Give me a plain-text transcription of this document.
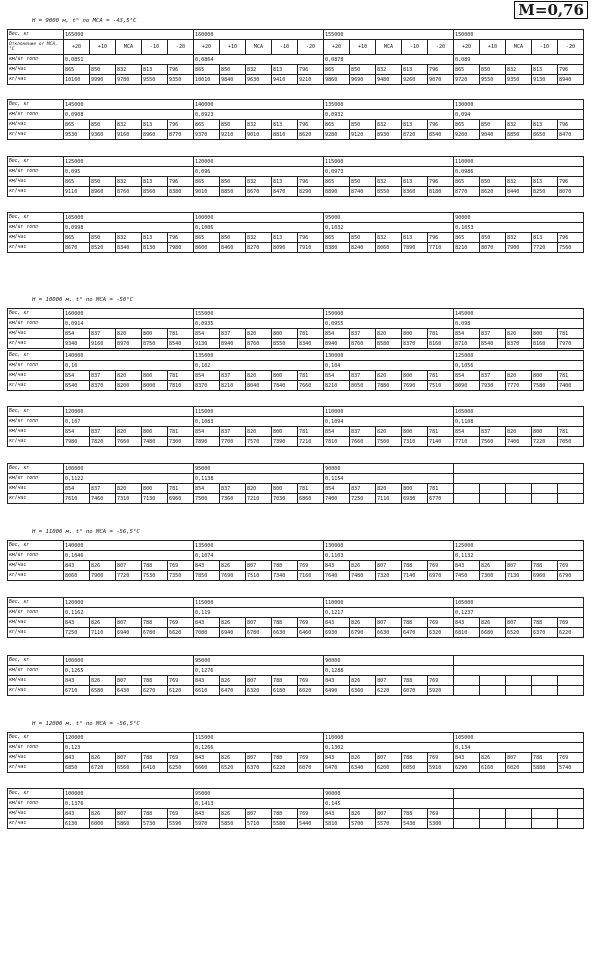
M=0,76
H = 9000 м, t° по МСА = -43,5°C
Вес, кг	165000					160000					155000					150000				
Отклонение от МСА, °С	+20	+10	МСА	-10	-20	+20	+10	МСА	-10	-20	+20	+10	МСА	-10	-20	+20	+10	МСА	-10	-20
км/кг топл	0,0851					0,0864					0,0878					0,089				
км/час	865	850	832	813	796	865	850	832	813	796	865	850	832	813	796	865	850	832	813	796
кг/час	10160	9990	9780	9550	9350	10010	9840	9630	9410	9210	9860	9690	9480	9260	9070	9720	9550	9350	9130	8940
Вес, кг	145000					140000					135000					130000				
км/кг топл	0,0908					0,0923					0,0932					0,094				
км/час	865	850	832	813	796	865	850	832	813	796	865	850	832	813	796	865	850	832	813	796
кг/час	9530	9360	9160	8960	8770	9370	9210	9010	8810	8620	9280	9120	8930	8720	8540	9200	9040	8850	8650	8470
Вес, кг	125000					120000					115000					110000				
км/кг топл	0,095					0,096					0,0973					0,0986				
км/час	865	850	832	813	796	865	850	832	813	796	865	850	832	813	796	865	850	832	813	796
кг/час	9110	8960	8760	8560	8380	9010	8850	8670	8470	8290	8890	8740	8550	8360	8180	8770	8620	8440	8250	8070
Вес, кг	105000					100000					95000					90000				
км/кг топл	0,0998					0,1006					0,1032					0,1053				
км/час	865	850	832	813	796	865	850	832	813	796	865	850	832	813	796	865	850	832	813	796
кг/час	8670	8520	8340	8130	7980	8600	8460	8270	8090	7910	8380	8240	8060	7890	7710	8210	8070	7900	7720	7560
H = 10000 м, t° по МСА = -50°C
Вес, кг	160000					155000					150000					145000				
км/кг топл	0,0914					0,0935					0,0955					0,098				
км/час	854	837	820	800	781	854	837	820	800	781	854	837	820	800	781	854	837	820	800	781
кг/час	9340	9160	8970	8750	8540	9130	8940	8760	8550	8340	8940	8760	8580	8370	8160	8710	8540	8370	8160	7970
Вес, кг	140000					135000					130000					125000				
км/кг топл	0,10					0,102					0,104					0,1056				
км/час	854	837	820	800	781	854	837	820	800	781	854	837	820	800	781	854	837	820	800	781
кг/час	8540	8370	8200	8000	7810	8370	8210	8040	7840	7660	8210	8050	7880	7690	7510	8090	7930	7770	7580	7400
Вес, кг	120000					115000					110000					105000				
км/кг топл	0,107					0,1083					0,1094					0,1108				
км/час	854	837	820	800	781	854	837	820	800	781	854	837	820	800	781	854	837	820	800	781
кг/час	7980	7820	7660	7480	7300	7890	7700	7570	7390	7210	7810	7660	7500	7310	7140	7710	7560	7400	7220	7050
Вес, кг	100000					95000					90000									
км/кг топл	0,1122					0,1138					0,1154									
км/час	854	837	820	800	781	854	837	820	800	781	854	837	820	800	781					
кг/час	7610	7460	7310	7130	6960	7500	7360	7210	7030	6860	7400	7250	7110	6930	6770					
H = 11000 м, t° по МСА = -56,5°C
Вес, кг	140000					135000					130000					125000				
км/кг топл	0,1046					0,1074					0,1103					0,1132				
км/час	843	826	807	788	769	843	826	807	788	769	843	826	807	788	769	843	826	807	788	769
кг/час	8060	7900	7720	7530	7350	7850	7690	7510	7340	7160	7640	7480	7320	7140	6970	7450	7300	7130	6960	6790
Вес, кг	120000					115000					110000					105000				
км/кг топл	0,1162					0,119					0,1217					0,1237				
км/час	843	826	807	788	769	843	826	807	788	769	843	826	807	788	769	843	826	807	788	769
кг/час	7250	7110	6940	6780	6620	7080	6940	6780	6630	6460	6930	6790	6630	6470	6320	6810	6680	6520	6370	6220
Вес, кг	100000					95000					90000									
км/кг топл	0,1265					0,1276					0,1288									
км/час	843	826	807	788	769	843	826	807	788	769	843	826	807	788	769					
кг/час	6710	6580	6430	6270	6120	6610	6470	6320	6180	6020	6490	6360	6220	6070	5920					
H = 12000 м, t° по МСА = -56,5°C
Вес, кг	120000					115000					110000					105000				
км/кг топл	0,123					0,1266					0,1302					0,134				
км/час	843	826	807	788	769	843	826	807	788	769	843	826	807	788	769	843	826	807	788	769
кг/час	6850	6720	6560	6410	6250	6660	6520	6370	6220	6070	6470	6340	6200	6050	5910	6290	6160	6020	5880	5740
Вес, кг	100000					95000					90000									
км/кг топл	0,1376					0,1413					0,145									
км/час	843	826	807	788	769	843	826	807	788	769	843	826	807	788	769					
кг/час	6130	6000	5860	5730	5590	5970	5850	5710	5580	5440	5810	5700	5570	5430	5300					
